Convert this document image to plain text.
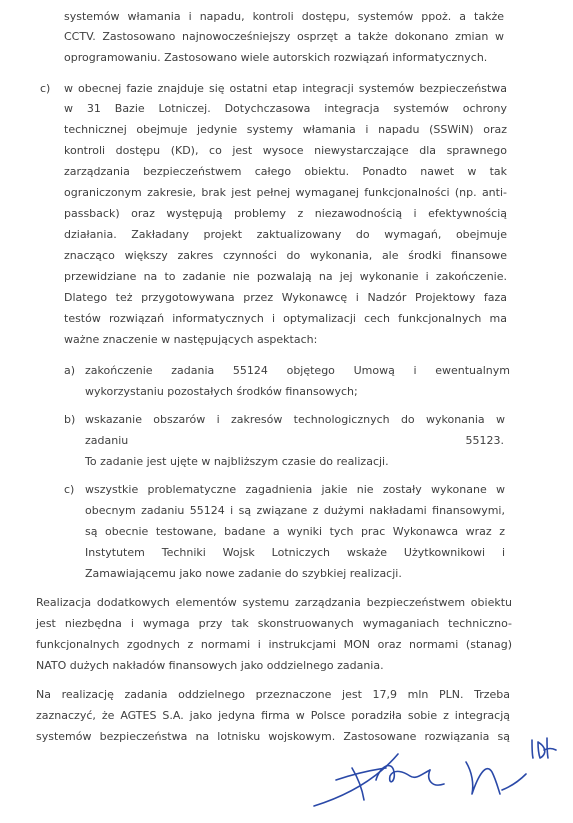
systemów włamania i napadu, kontroli dostępu, systemów ppoż. a także

CCTV. Zastosowano najnowocześniejszy osprzęt a także dokonano zmian w

oprogramowaniu. Zastosowano wiele autorskich rozwiązań informatycznych.

c) w obecnej fazie znajduje się ostatni etap integracji systemów bezpieczeństwa

w 31 Bazie Lotniczej. Dotychczasowa integracja systemów ochrony

technicznej obejmuje jedynie systemy włamania i napadu (SSWiN) oraz

kontroli dostępu (KD), co jest wysoce niewystarczające dla sprawnego

zarządzania bezpieczeństwem całego obiektu. Ponadto nawet w tak

ograniczonym zakresie, brak jest pełnej wymaganej funkcjonalności (np. anti-

passback) oraz występują problemy z niezawodnością i efektywnością

działania. Zakładany projekt zaktualizowany do wymagań, obejmuje

znacząco większy zakres czynności do wykonania, ale środki finansowe

przewidziane na to zadanie nie pozwalają na jej wykonanie i zakończenie.

Dlatego też przygotowywana przez Wykonawcę i Nadzór Projektowy faza

testów rozwiązań informatycznych i optymalizacji cech funkcjonalnych ma

ważne znaczenie w następujących aspektach:

a) zakończenie zadania 55124 objętego Umową i ewentualnym

wykorzystaniu pozostałych środków finansowych;

b) wskazanie obszarów i zakresów technologicznych do wykonania w

zadaniu	55123.

To zadanie jest ujęte w najbliższym czasie do realizacji.

c) wszystkie problematyczne zagadnienia jakie nie zostały wykonane w

obecnym zadaniu 55124 i są związane z dużymi nakładami finansowymi,

są obecnie testowane, badane a wyniki tych prac Wykonawca wraz z

Instytutem Techniki Wojsk Lotniczych wskaże Użytkownikowi i

Zamawiającemu jako nowe zadanie do szybkiej realizacji.

Realizacja dodatkowych elementów systemu zarządzania bezpieczeństwem obiektu

jest niezbędna i wymaga przy tak skonstruowanych wymaganiach techniczno-

funkcjonalnych zgodnych z normami i instrukcjami MON oraz normami (stanag)

NATO dużych nakładów finansowych jako oddzielnego zadania.

Na realizację zadania oddzielnego przeznaczone jest 17,9 mln PLN. Trzeba

zaznaczyć, że AGTES S.A. jako jedyna firma w Polsce poradziła sobie z integracją

systemów bezpieczeństwa na lotnisku wojskowym. Zastosowane rozwiązania są
